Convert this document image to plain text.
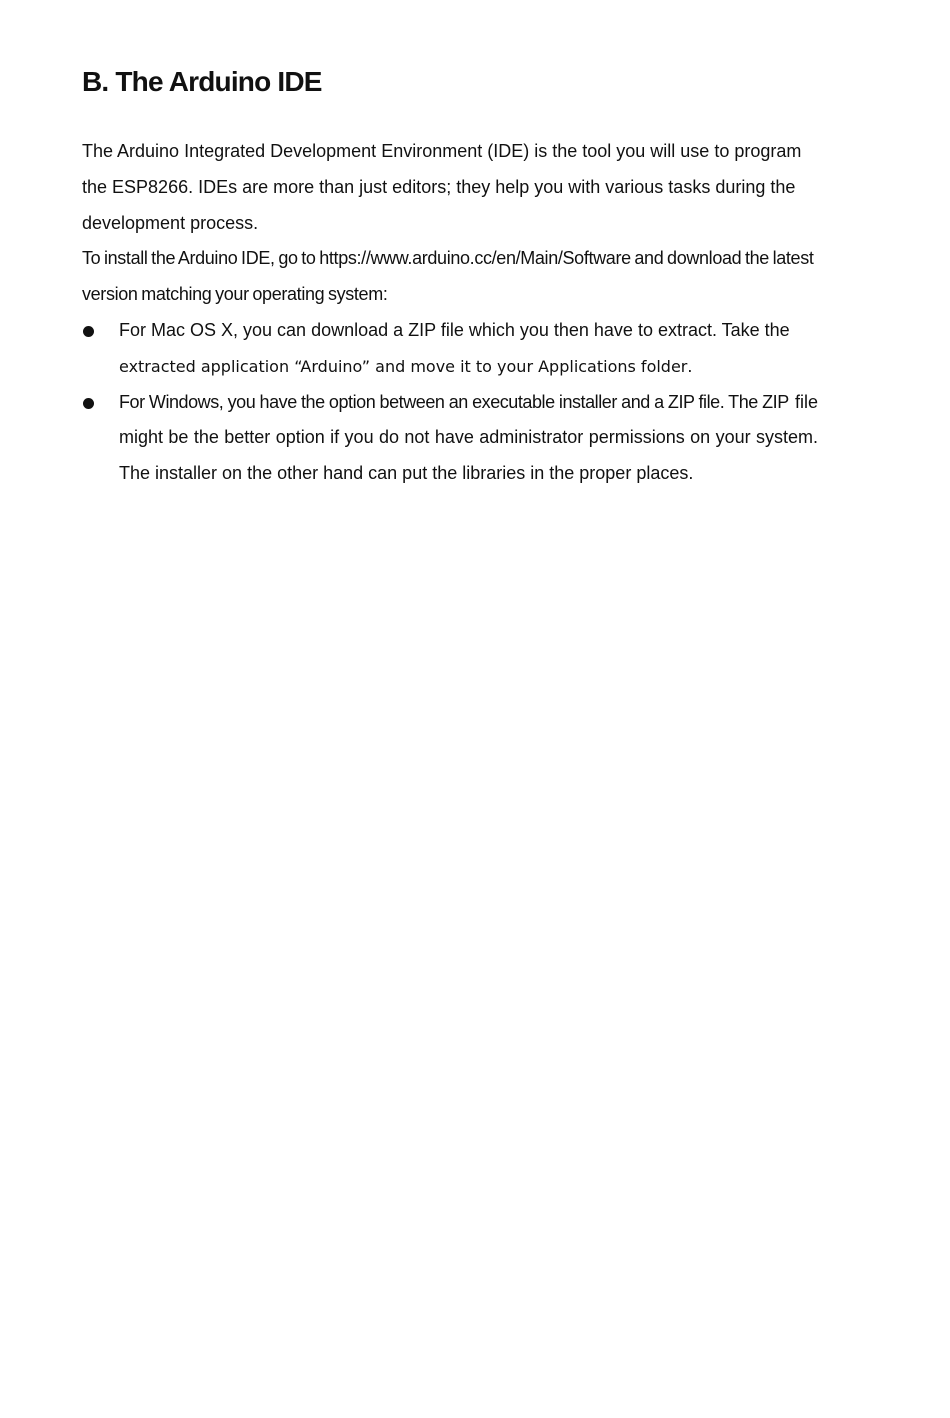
B. The Arduino IDE

The Arduino Integrated Development Environment (IDE) is the tool you will use to program the ESP8266. IDEs are more than just editors; they help you with various tasks during the development process.

To install the Arduino IDE, go to https://www.arduino.cc/en/Main/Software and download the latest version matching your operating system:

For Mac OS X, you can download a ZIP file which you then have to extract. Take the
extracted application “Arduino” and move it to your Applications folder.
For Windows, you have the option between an executable installer and a ZIP file. The ZIP file might be the better option if you do not have administrator permissions on your system. The installer on the other hand can put the libraries in the proper places.
